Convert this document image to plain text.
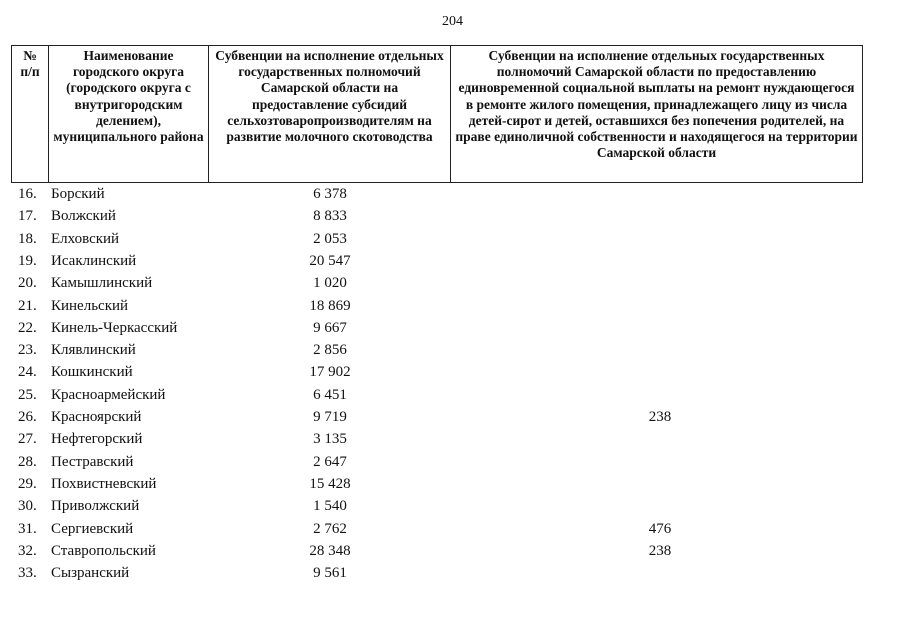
204
№ п/п	Наименование городского округа (городского округа с внутригородским делением), муниципального района	Субвенции на исполнение отдельных государственных полномочий Самарской области на предоставление субсидий сельхозтоваропроизводителям на развитие молочного скотоводства	Субвенции на исполнение отдельных государственных полномочий Самарской области по предоставлению единовременной социальной выплаты на ремонт нуждающегося в ремонте жилого помещения, принадлежащего лицу из числа детей-сирот и детей, оставшихся без попечения родителей, на праве единоличной собственности и находящегося на территории Самарской области
16. Борский	6 378
17. Волжский	8 833
18. Елховский	2 053
19. Исаклинский	20 547
20. Камышлинский	1 020
21. Кинельский	18 869
22. Кинель-Черкасский	9 667
23. Клявлинский	2 856
24. Кошкинский	17 902
25. Красноармейский	6 451
26. Красноярский	9 719	238
27. Нефтегорский	3 135
28. Пестравский	2 647
29. Похвистневский	15 428
30. Приволжский	1 540
31. Сергиевский	2 762	476
32. Ставропольский	28 348	238
33. Сызранский	9 561
